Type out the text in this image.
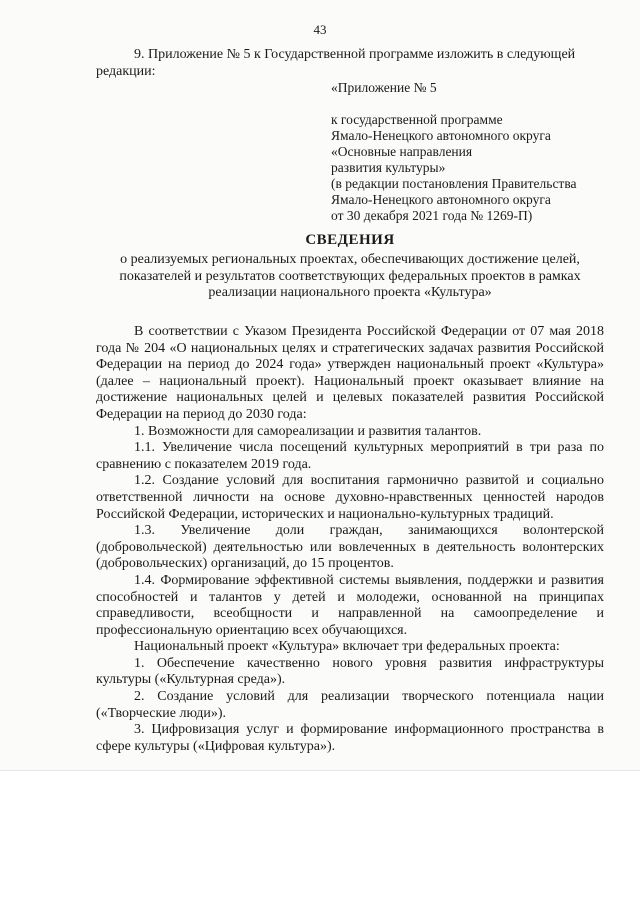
43
9. Приложение № 5 к Государственной программе изложить в следующей
редакции:
«Приложение № 5
к государственной программе
Ямало-Ненецкого автономного округа
«Основные направления
развития культуры»
(в редакции постановления Правительства
Ямало-Ненецкого автономного округа
от 30 декабря 2021 года № 1269-П)
СВЕДЕНИЯ
о реализуемых региональных проектах, обеспечивающих достижение целей,
показателей и результатов соответствующих федеральных проектов в рамках
реализации национального проекта «Культура»

В соответствии с Указом Президента Российской Федерации от 07 мая 2018 года № 204 «О национальных целях и стратегических задачах развития Российской Федерации на период до 2024 года» утвержден национальный проект «Культура» (далее – национальный проект). Национальный проект оказывает влияние на достижение национальных целей и целевых показателей развития Российской Федерации на период до 2030 года:

1. Возможности для самореализации и развития талантов.

1.1. Увеличение числа посещений культурных мероприятий в три раза по сравнению с показателем 2019 года.

1.2. Создание условий для воспитания гармонично развитой и социально ответственной личности на основе духовно-нравственных ценностей народов Российской Федерации, исторических и национально-культурных традиций.

1.3. Увеличение доли граждан, занимающихся волонтерской (добровольческой) деятельностью или вовлеченных в деятельность волонтерских (добровольческих) организаций, до 15 процентов.

1.4. Формирование эффективной системы выявления, поддержки и развития способностей и талантов у детей и молодежи, основанной на принципах справедливости, всеобщности и направленной на самоопределение и профессиональную ориентацию всех обучающихся.

Национальный проект «Культура» включает три федеральных проекта:

1. Обеспечение качественно нового уровня развития инфраструктуры культуры («Культурная среда»).

2. Создание условий для реализации творческого потенциала нации («Творческие люди»).

3. Цифровизация услуг и формирование информационного пространства в сфере культуры («Цифровая культура»).
